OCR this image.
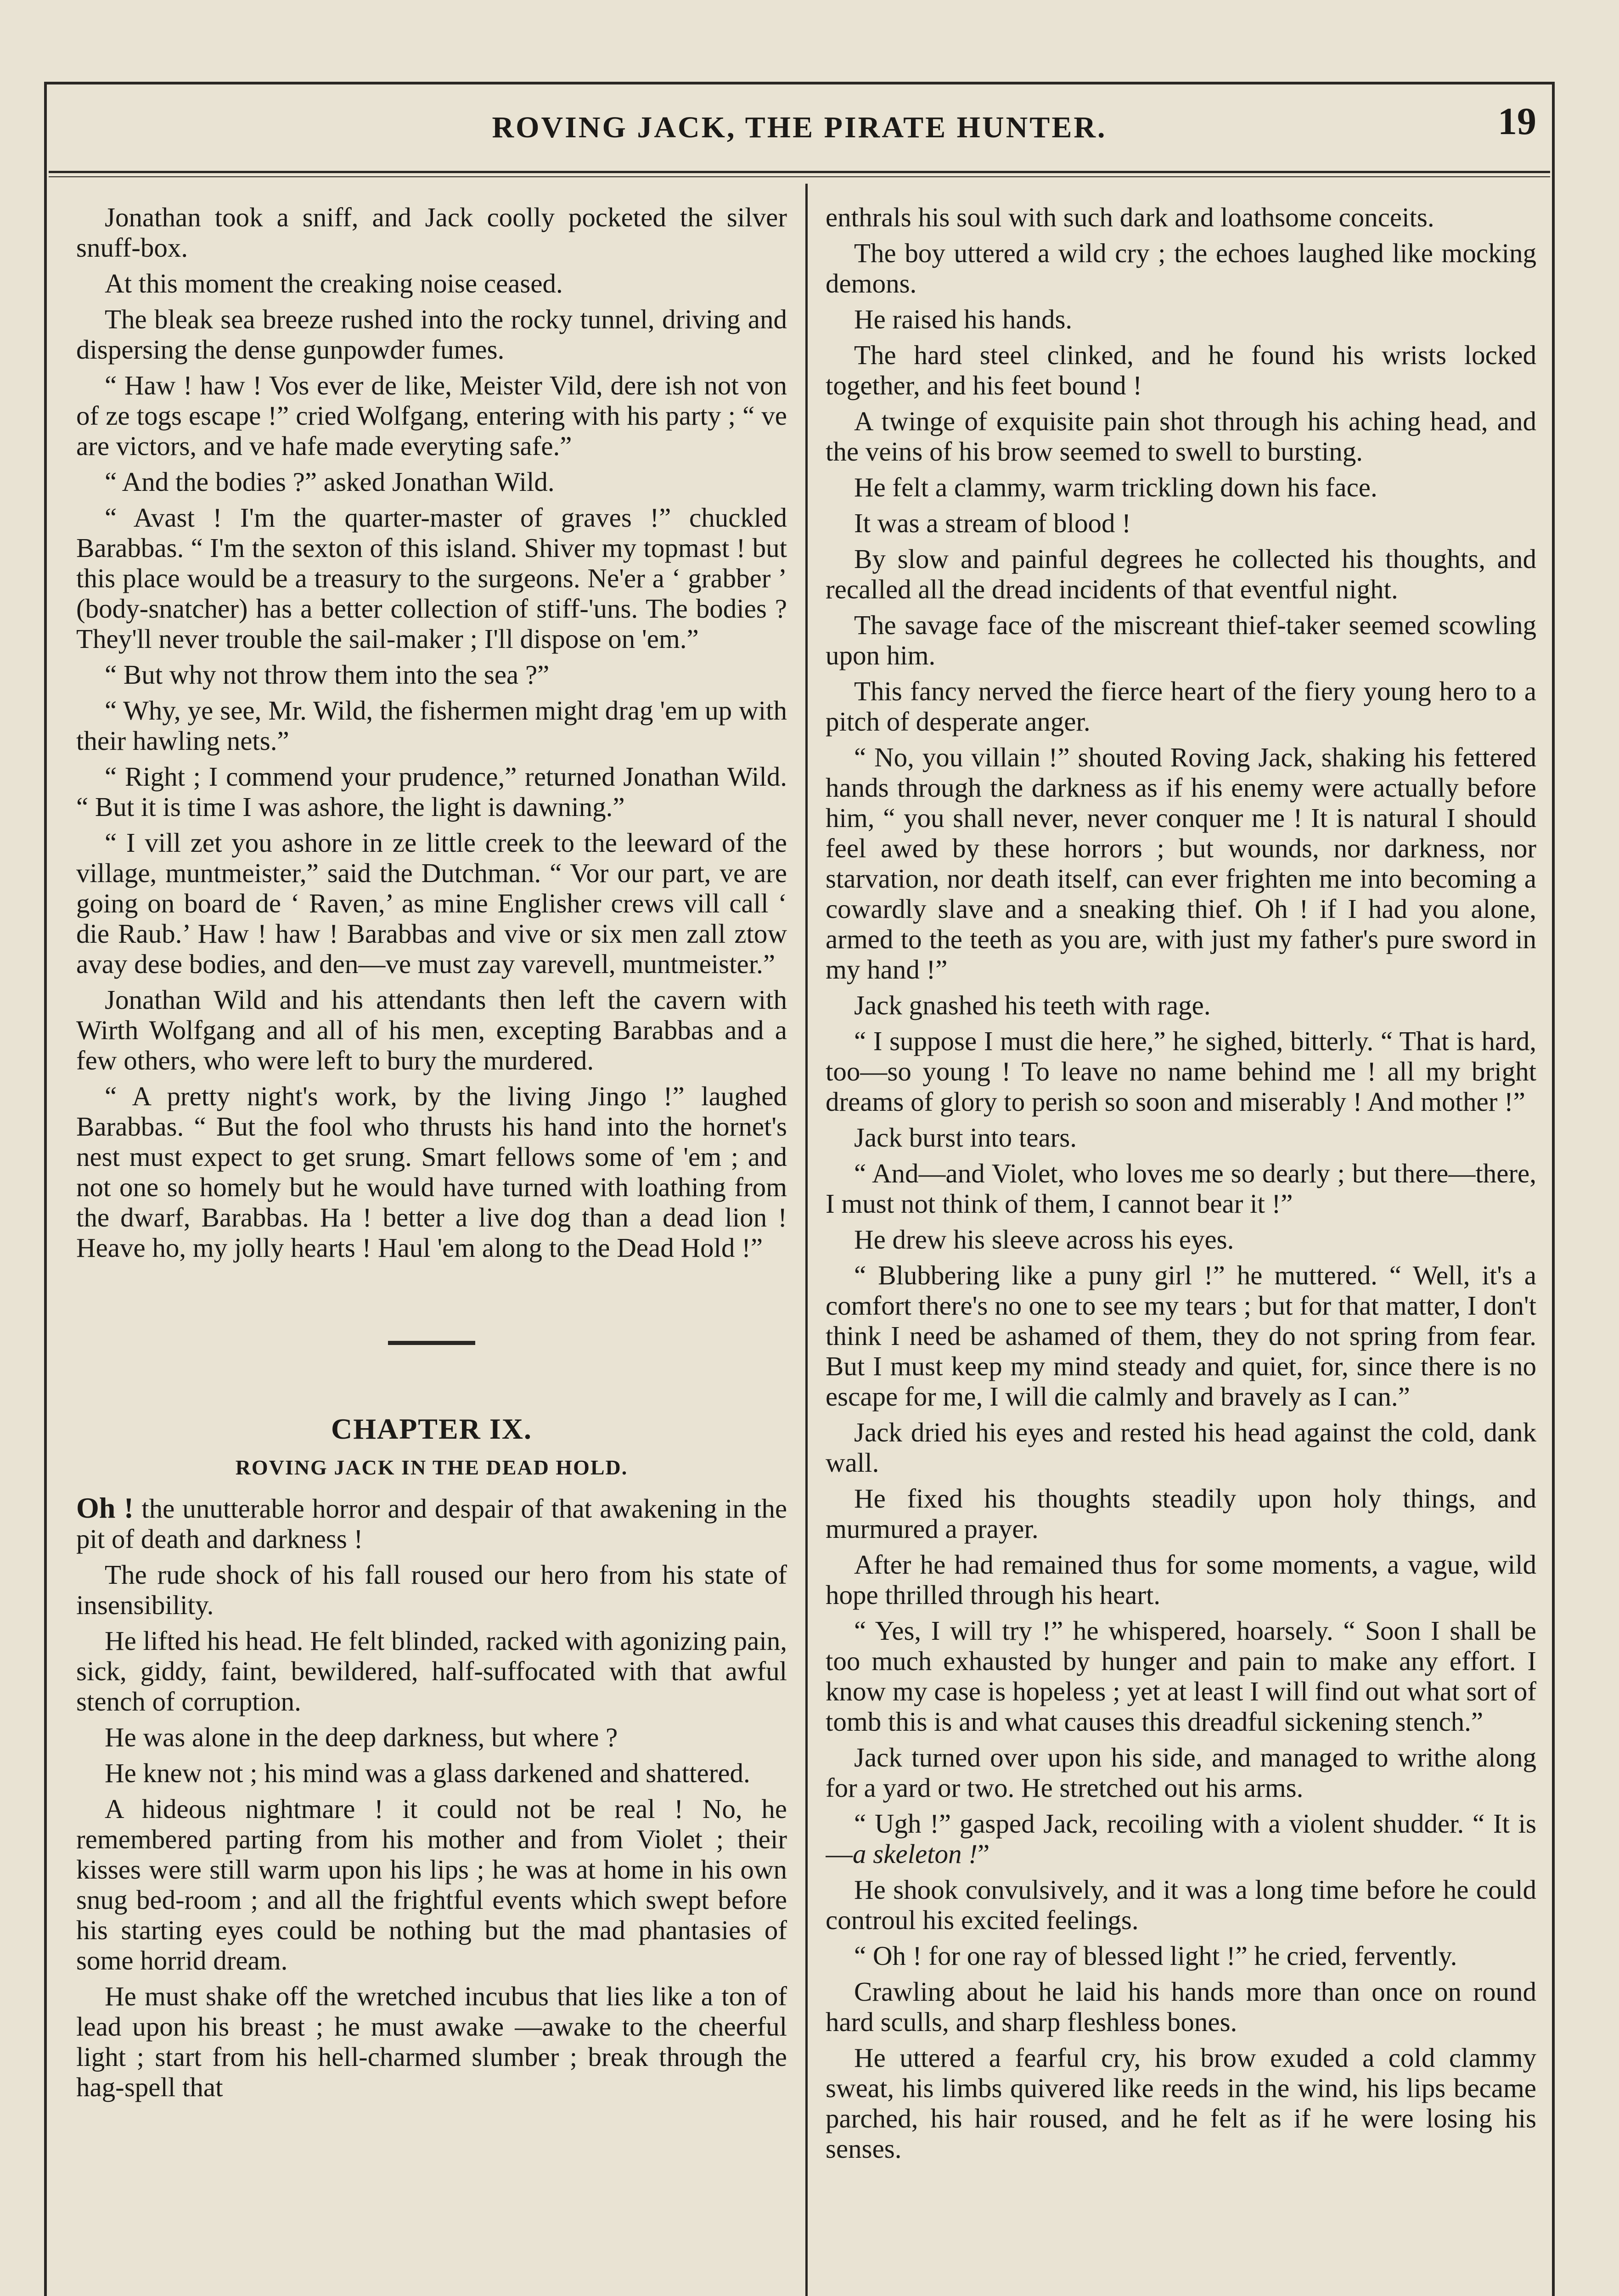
ROVING JACK, THE PIRATE HUNTER.	19

Jonathan took a sniff, and Jack coolly pocketed the silver snuff-box.

At this moment the creaking noise ceased.

The bleak sea breeze rushed into the rocky tunnel, driving and dispersing the dense gunpowder fumes.

“ Haw ! haw ! Vos ever de like, Meister Vild, dere ish not von of ze togs escape !” cried Wolfgang, entering with his party ; “ ve are victors, and ve hafe made everyting safe.”

“ And the bodies ?” asked Jonathan Wild.

“ Avast ! I'm the quarter-master of graves !” chuckled Barabbas. “ I'm the sexton of this island. Shiver my topmast ! but this place would be a treasury to the surgeons. Ne'er a ‘ grabber ’ (body-snatcher) has a better collection of stiff-'uns. The bodies ? They'll never trouble the sail-maker ; I'll dispose on 'em.”

“ But why not throw them into the sea ?”

“ Why, ye see, Mr. Wild, the fishermen might drag 'em up with their hawling nets.”

“ Right ; I commend your prudence,” returned Jonathan Wild. “ But it is time I was ashore, the light is dawning.”

“ I vill zet you ashore in ze little creek to the leeward of the village, muntmeister,” said the Dutchman. “ Vor our part, ve are going on board de ‘ Raven,’ as mine Englisher crews vill call ‘ die Raub.’ Haw ! haw ! Barabbas and vive or six men zall ztow avay dese bodies, and den—ve must zay varevell, muntmeister.”

Jonathan Wild and his attendants then left the cavern with Wirth Wolfgang and all of his men, excepting Barabbas and a few others, who were left to bury the murdered.

“ A pretty night's work, by the living Jingo !” laughed Barabbas. “ But the fool who thrusts his hand into the hornet's nest must expect to get srung. Smart fellows some of 'em ; and not one so homely but he would have turned with loathing from the dwarf, Barabbas. Ha ! better a live dog than a dead lion ! Heave ho, my jolly hearts ! Haul 'em along to the Dead Hold !”

CHAPTER IX.
ROVING JACK IN THE DEAD HOLD.

Oh ! the unutterable horror and despair of that awakening in the pit of death and darkness !

The rude shock of his fall roused our hero from his state of insensibility.

He lifted his head. He felt blinded, racked with agonizing pain, sick, giddy, faint, bewildered, half-suffocated with that awful stench of corruption.

He was alone in the deep darkness, but where ?

He knew not ; his mind was a glass darkened and shattered.

A hideous nightmare ! it could not be real ! No, he remembered parting from his mother and from Violet ; their kisses were still warm upon his lips ; he was at home in his own snug bed-room ; and all the frightful events which swept before his starting eyes could be nothing but the mad phantasies of some horrid dream.

He must shake off the wretched incubus that lies like a ton of lead upon his breast ; he must awake —awake to the cheerful light ; start from his hell-charmed slumber ; break through the hag-spell that

enthrals his soul with such dark and loathsome conceits.

The boy uttered a wild cry ; the echoes laughed like mocking demons.

He raised his hands.

The hard steel clinked, and he found his wrists locked together, and his feet bound !

A twinge of exquisite pain shot through his aching head, and the veins of his brow seemed to swell to bursting.

He felt a clammy, warm trickling down his face.

It was a stream of blood !

By slow and painful degrees he collected his thoughts, and recalled all the dread incidents of that eventful night.

The savage face of the miscreant thief-taker seemed scowling upon him.

This fancy nerved the fierce heart of the fiery young hero to a pitch of desperate anger.

“ No, you villain !” shouted Roving Jack, shaking his fettered hands through the darkness as if his enemy were actually before him, “ you shall never, never conquer me ! It is natural I should feel awed by these horrors ; but wounds, nor darkness, nor starvation, nor death itself, can ever frighten me into becoming a cowardly slave and a sneaking thief. Oh ! if I had you alone, armed to the teeth as you are, with just my father's pure sword in my hand !”

Jack gnashed his teeth with rage.

“ I suppose I must die here,” he sighed, bitterly. “ That is hard, too—so young ! To leave no name behind me ! all my bright dreams of glory to perish so soon and miserably ! And mother !”

Jack burst into tears.

“ And—and Violet, who loves me so dearly ; but there—there, I must not think of them, I cannot bear it !”

He drew his sleeve across his eyes.

“ Blubbering like a puny girl !” he muttered. “ Well, it's a comfort there's no one to see my tears ; but for that matter, I don't think I need be ashamed of them, they do not spring from fear. But I must keep my mind steady and quiet, for, since there is no escape for me, I will die calmly and bravely as I can.”

Jack dried his eyes and rested his head against the cold, dank wall.

He fixed his thoughts steadily upon holy things, and murmured a prayer.

After he had remained thus for some moments, a vague, wild hope thrilled through his heart.

“ Yes, I will try !” he whispered, hoarsely. “ Soon I shall be too much exhausted by hunger and pain to make any effort. I know my case is hopeless ; yet at least I will find out what sort of tomb this is and what causes this dreadful sickening stench.”

Jack turned over upon his side, and managed to writhe along for a yard or two. He stretched out his arms.

“ Ugh !” gasped Jack, recoiling with a violent shudder. “ It is—a skeleton !”

He shook convulsively, and it was a long time before he could controul his excited feelings.

“ Oh ! for one ray of blessed light !” he cried, fervently.

Crawling about he laid his hands more than once on round hard sculls, and sharp fleshless bones.

He uttered a fearful cry, his brow exuded a cold clammy sweat, his limbs quivered like reeds in the wind, his lips became parched, his hair roused, and he felt as if he were losing his senses.
